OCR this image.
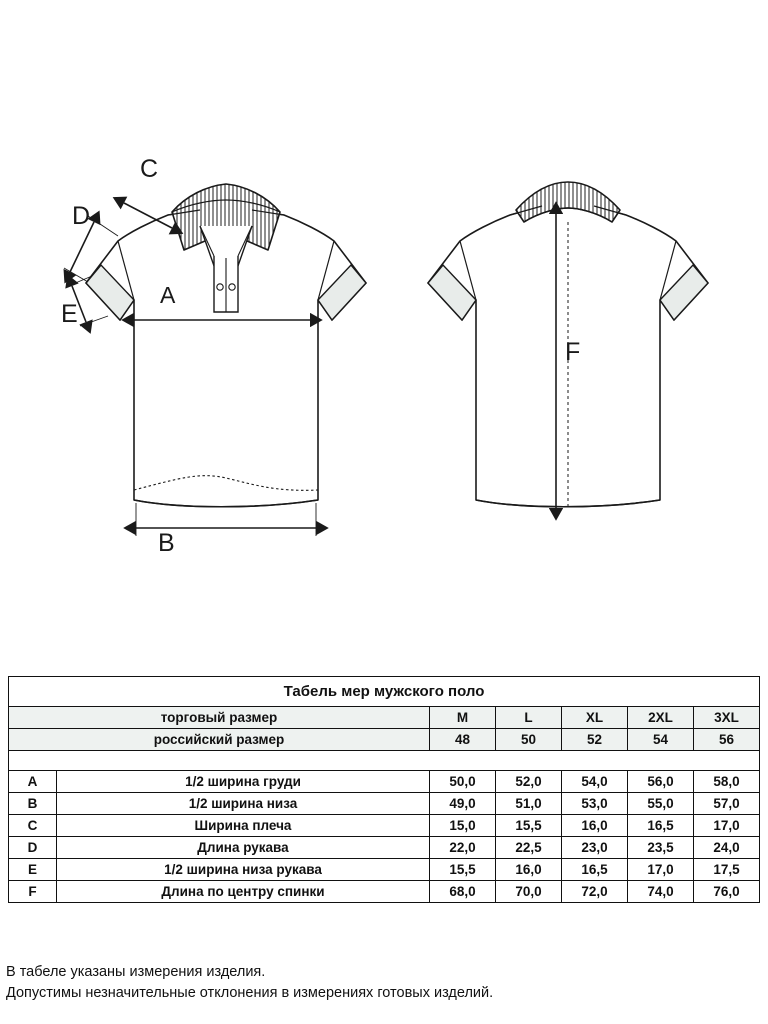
A
B
C
D
E
F
Табель мер мужского поло						
торговый размер		M	L	XL	2XL	3XL
российский размер		48	50	52	54	56

A	1/2 ширина груди	50,0	52,0	54,0	56,0	58,0
B	1/2 ширина низа	49,0	51,0	53,0	55,0	57,0
C	Ширина плеча	15,0	15,5	16,0	16,5	17,0
D	Длина рукава	22,0	22,5	23,0	23,5	24,0
E	1/2 ширина низа рукава	15,5	16,0	16,5	17,0	17,5
F	Длина по центру спинки	68,0	70,0	72,0	74,0	76,0
В табеле указаны измерения изделия.
Допустимы незначительные отклонения в измерениях готовых изделий.
